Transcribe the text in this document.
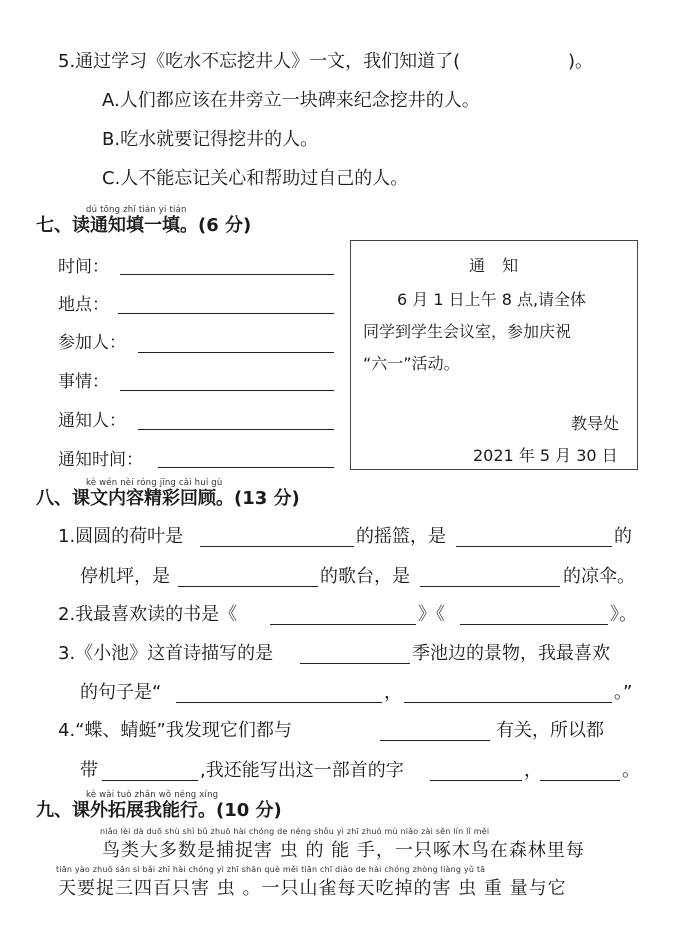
5.通过学习《吃水不忘挖井人》一文，我们知道了(	)。
A.人们都应该在井旁立一块碑来纪念挖井的人。
B.吃水就要记得挖井的人。
C.人不能忘记关心和帮助过自己的人。
dú tōng zhī tián yi tián
七、读通知填一填。(6 分)
时间：
地点：
参加人：
事情：
通知人：
通知时间：
通 知
6 月 1 日上午 8 点,请全体
同学到学生会议室，参加庆祝
“六一”活动。
教导处
2021 年 5 月 30 日
kè wén nèi róng jīng cǎi huí gù
八、课文内容精彩回顾。(13 分)
1.圆圆的荷叶是	的摇篮，是	的
停机坪，是	的歌台，是	的凉伞。
2.我最喜欢读的书是《	》《	》。
3.《小池》这首诗描写的是	季池边的景物，我最喜欢
的句子是“	，	。”
4.“蝶、蜻蜓”我发现它们都与	有关，所以都
带	,我还能写出这一部首的字	，	。
kè wài tuò zhǎn wǒ néng xíng
九、课外拓展我能行。(10 分)
niǎo lèi dà duō shù shì bǔ zhuō hài chóng de néng shǒu yì zhī zhuó mù niǎo zài sēn lín lǐ měi
鸟类大多数是捕捉害 虫 的 能 手，一只啄木鸟在森林里每
tiān yào zhuō sān sì bǎi zhī hài chóng yì zhī shān què měi tiān chī diào de hài chóng zhòng liàng yǔ tā
天要捉三四百只害 虫 。一只山雀每天吃掉的害 虫 重 量与它
